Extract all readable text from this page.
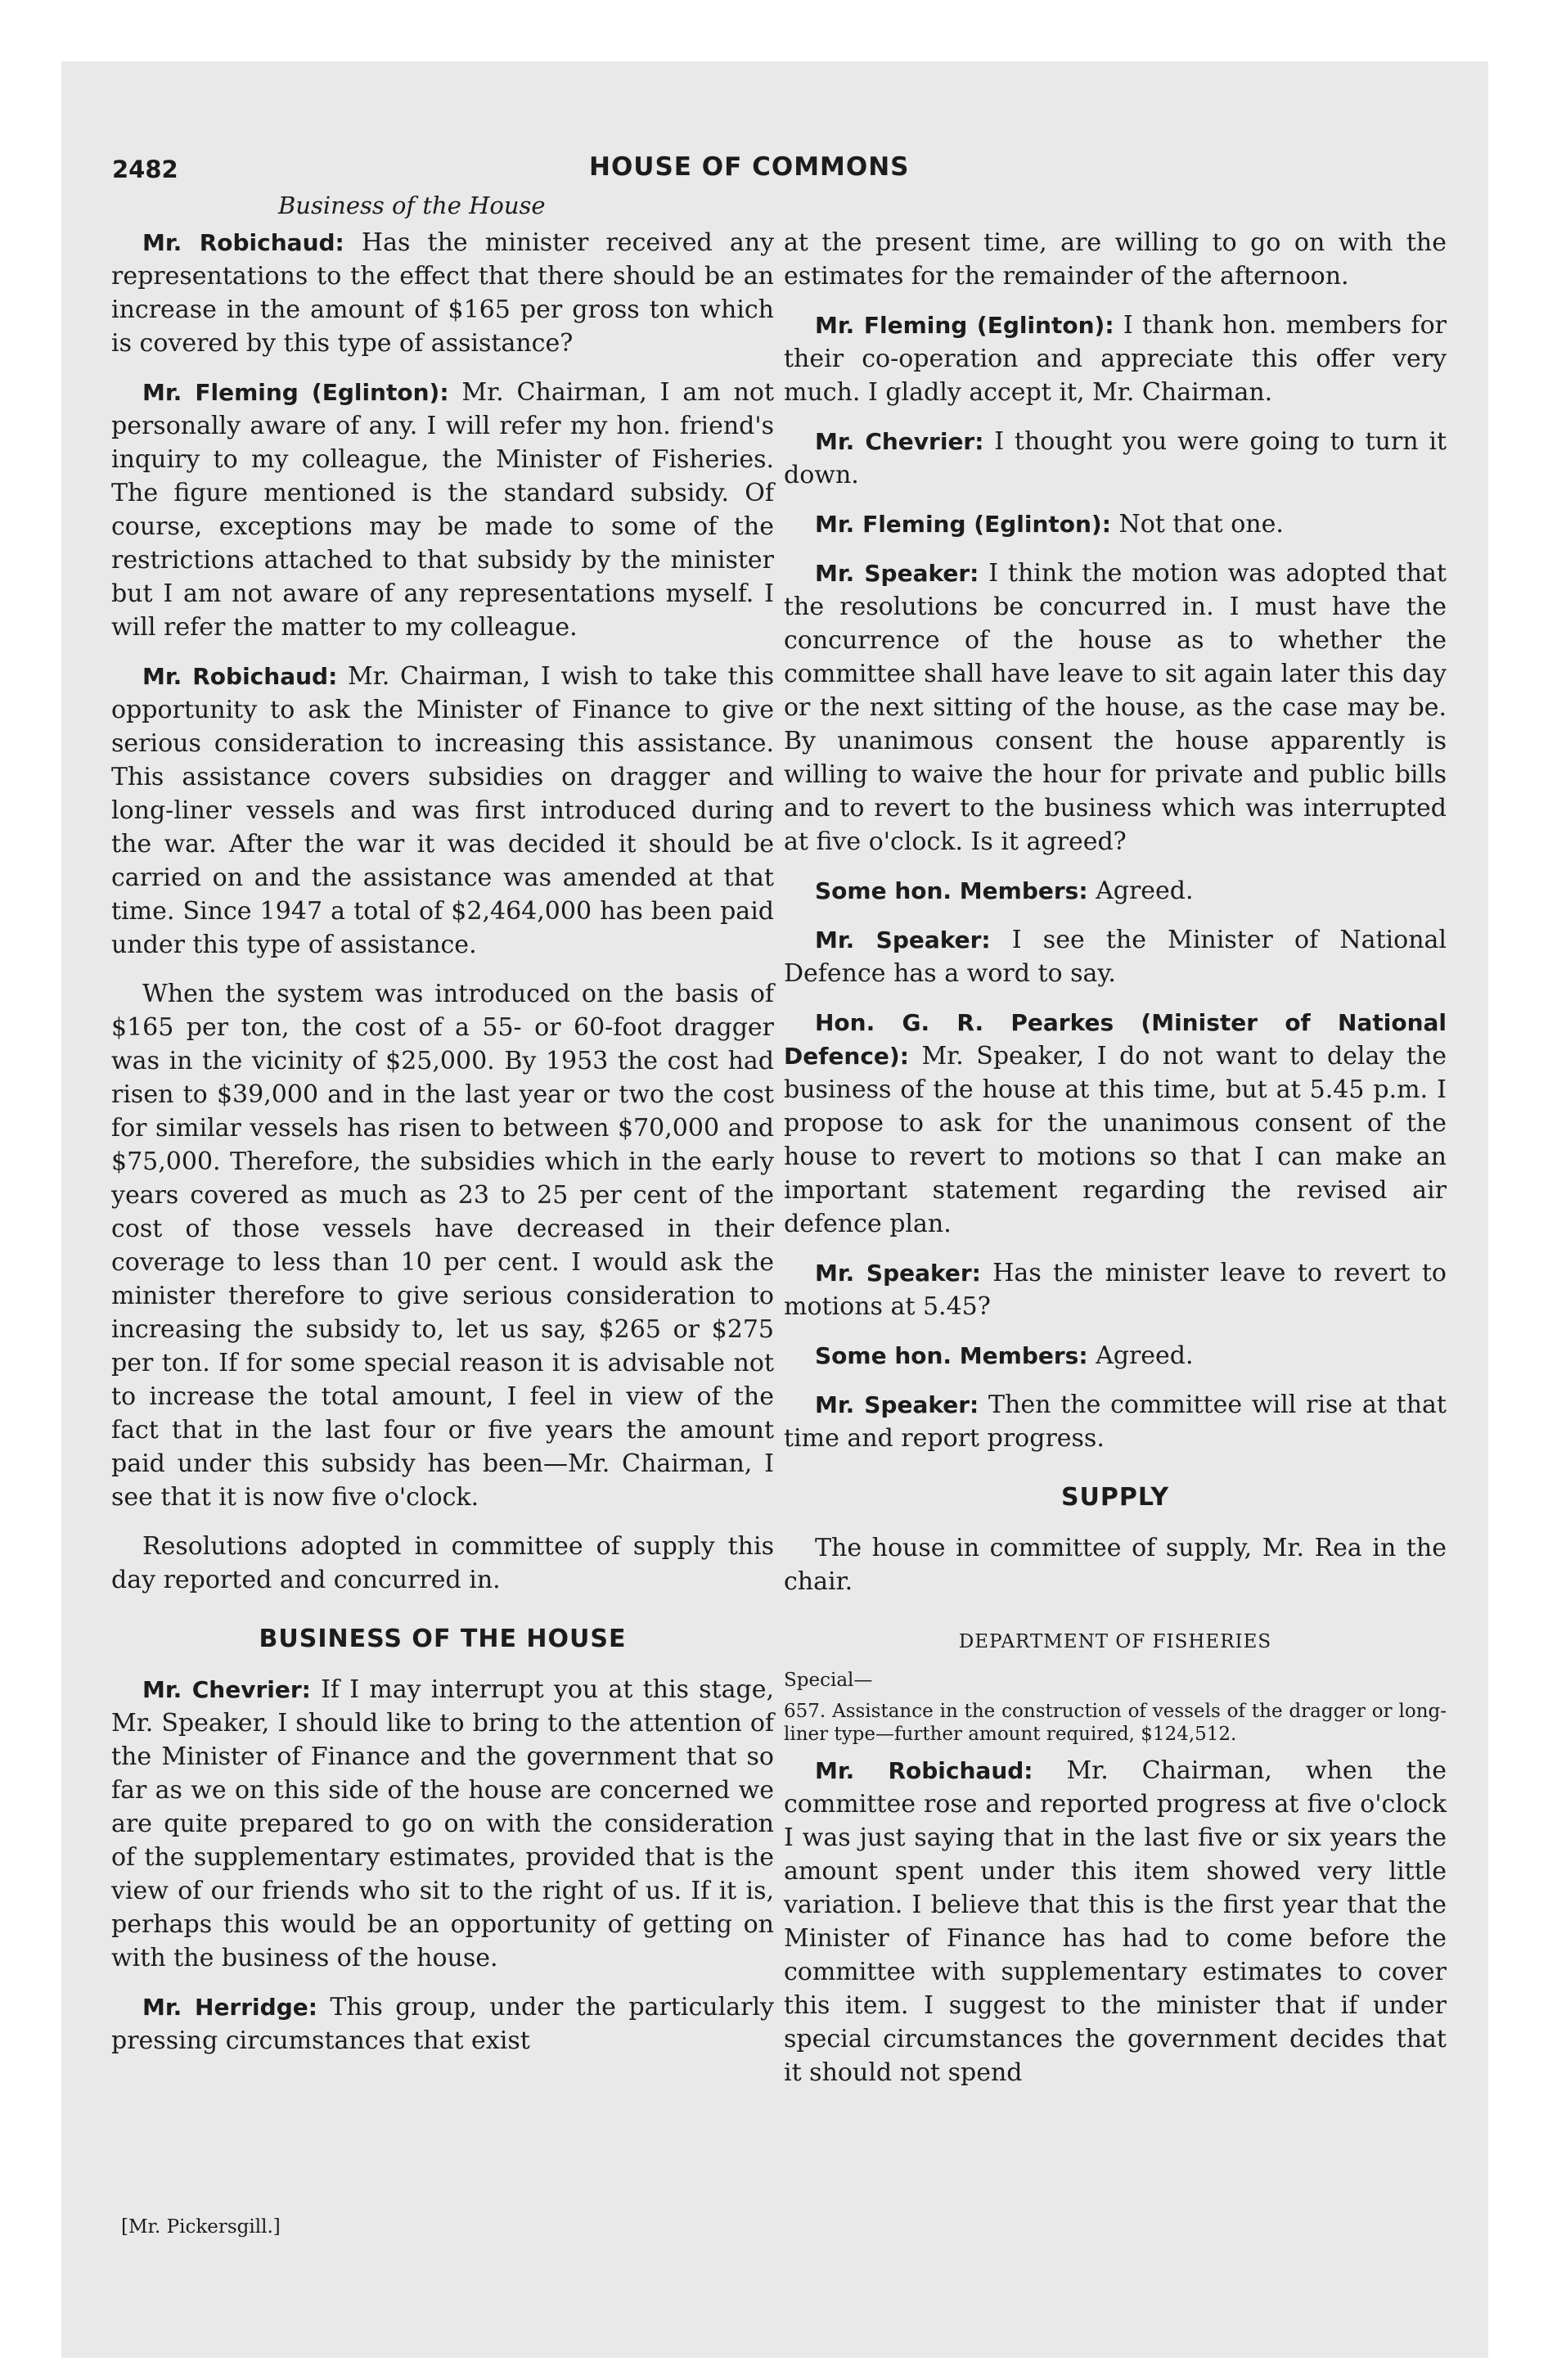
2482	HOUSE OF COMMONS
Business of the House

Mr. Robichaud: Has the minister received any representations to the effect that there should be an increase in the amount of $165 per gross ton which is covered by this type of assistance?

Mr. Fleming (Eglinton): Mr. Chairman, I am not personally aware of any. I will refer my hon. friend's inquiry to my colleague, the Minister of Fisheries. The figure mentioned is the standard subsidy. Of course, exceptions may be made to some of the restrictions attached to that subsidy by the minister but I am not aware of any representations myself. I will refer the matter to my colleague.

Mr. Robichaud: Mr. Chairman, I wish to take this opportunity to ask the Minister of Finance to give serious consideration to increasing this assistance. This assistance covers subsidies on dragger and long-liner vessels and was first introduced during the war. After the war it was decided it should be carried on and the assistance was amended at that time. Since 1947 a total of $2,464,000 has been paid under this type of assistance.

When the system was introduced on the basis of $165 per ton, the cost of a 55- or 60-foot dragger was in the vicinity of $25,000. By 1953 the cost had risen to $39,000 and in the last year or two the cost for similar vessels has risen to between $70,000 and $75,000. Therefore, the subsidies which in the early years covered as much as 23 to 25 per cent of the cost of those vessels have decreased in their coverage to less than 10 per cent. I would ask the minister therefore to give serious consideration to increasing the subsidy to, let us say, $265 or $275 per ton. If for some special reason it is advisable not to increase the total amount, I feel in view of the fact that in the last four or five years the amount paid under this subsidy has been—Mr. Chairman, I see that it is now five o'clock.

Resolutions adopted in committee of supply this day reported and concurred in.

BUSINESS OF THE HOUSE

Mr. Chevrier: If I may interrupt you at this stage, Mr. Speaker, I should like to bring to the attention of the Minister of Finance and the government that so far as we on this side of the house are concerned we are quite prepared to go on with the consideration of the supplementary estimates, provided that is the view of our friends who sit to the right of us. If it is, perhaps this would be an opportunity of getting on with the business of the house.

Mr. Herridge: This group, under the particularly pressing circumstances that exist

at the present time, are willing to go on with the estimates for the remainder of the afternoon.

Mr. Fleming (Eglinton): I thank hon. members for their co-operation and appreciate this offer very much. I gladly accept it, Mr. Chairman.

Mr. Chevrier: I thought you were going to turn it down.

Mr. Fleming (Eglinton): Not that one.

Mr. Speaker: I think the motion was adopted that the resolutions be concurred in. I must have the concurrence of the house as to whether the committee shall have leave to sit again later this day or the next sitting of the house, as the case may be. By unanimous consent the house apparently is willing to waive the hour for private and public bills and to revert to the business which was interrupted at five o'clock. Is it agreed?

Some hon. Members: Agreed.

Mr. Speaker: I see the Minister of National Defence has a word to say.

Hon. G. R. Pearkes (Minister of National Defence): Mr. Speaker, I do not want to delay the business of the house at this time, but at 5.45 p.m. I propose to ask for the unanimous consent of the house to revert to motions so that I can make an important statement regarding the revised air defence plan.

Mr. Speaker: Has the minister leave to revert to motions at 5.45?

Some hon. Members: Agreed.

Mr. Speaker: Then the committee will rise at that time and report progress.

SUPPLY

The house in committee of supply, Mr. Rea in the chair.

DEPARTMENT OF FISHERIES
Special—
657. Assistance in the construction of vessels of the dragger or long-liner type—further amount required, $124,512.

Mr. Robichaud: Mr. Chairman, when the committee rose and reported progress at five o'clock I was just saying that in the last five or six years the amount spent under this item showed very little variation. I believe that this is the first year that the Minister of Finance has had to come before the committee with supplementary estimates to cover this item. I suggest to the minister that if under special circumstances the government decides that it should not spend

[Mr. Pickersgill.]
